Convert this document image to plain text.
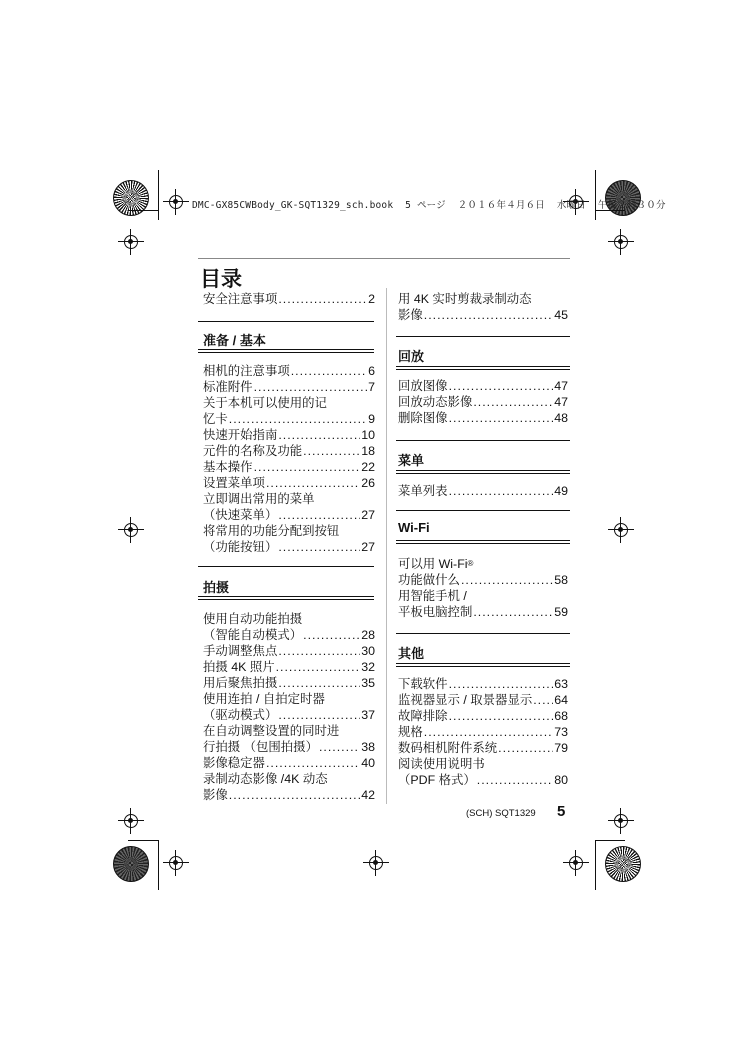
DMC-GX85CWBody_GK-SQT1329_sch.book  5 ページ  ２０１６年４月６日  水曜日  午後２時３０分
目录
安全注意事项 .....	2
准备 / 基本
相机的注意事项 .....	6
标准附件 .....	7
关于本机可以使用的记
忆卡 .....	9
快速开始指南 .....	10
元件的名称及功能 .....	18
基本操作 .....	22
设置菜单项 .....	26
立即调出常用的菜单
（快速菜单） .....	27
将常用的功能分配到按钮
（功能按钮） .....	27
拍摄
使用自动功能拍摄
（智能自动模式） .....	28
手动调整焦点 .....	30
拍摄 4K 照片 .....	32
用后聚焦拍摄 .....	35
使用连拍 / 自拍定时器
（驱动模式） .....	37
在自动调整设置的同时进
行拍摄 （包围拍摄） .....	38
影像稳定器 .....	40
录制动态影像 /4K 动态
影像 .....	42
用 4K 实时剪裁录制动态
影像 .....	45
回放
回放图像 .....	47
回放动态影像 .....	47
删除图像 .....	48
菜单
菜单列表 .....	49
Wi-Fi
可以用 Wi-Fi®
功能做什么 .....	58
用智能手机 /
平板电脑控制 .....	59
其他
下载软件 .....	63
监视器显示 / 取景器显示 ..... 64
故障排除 .....	68
规格 .....	73
数码相机附件系统 .....	79
阅读使用说明书
（PDF 格式） .....	80
(SCH) SQT1329 5
